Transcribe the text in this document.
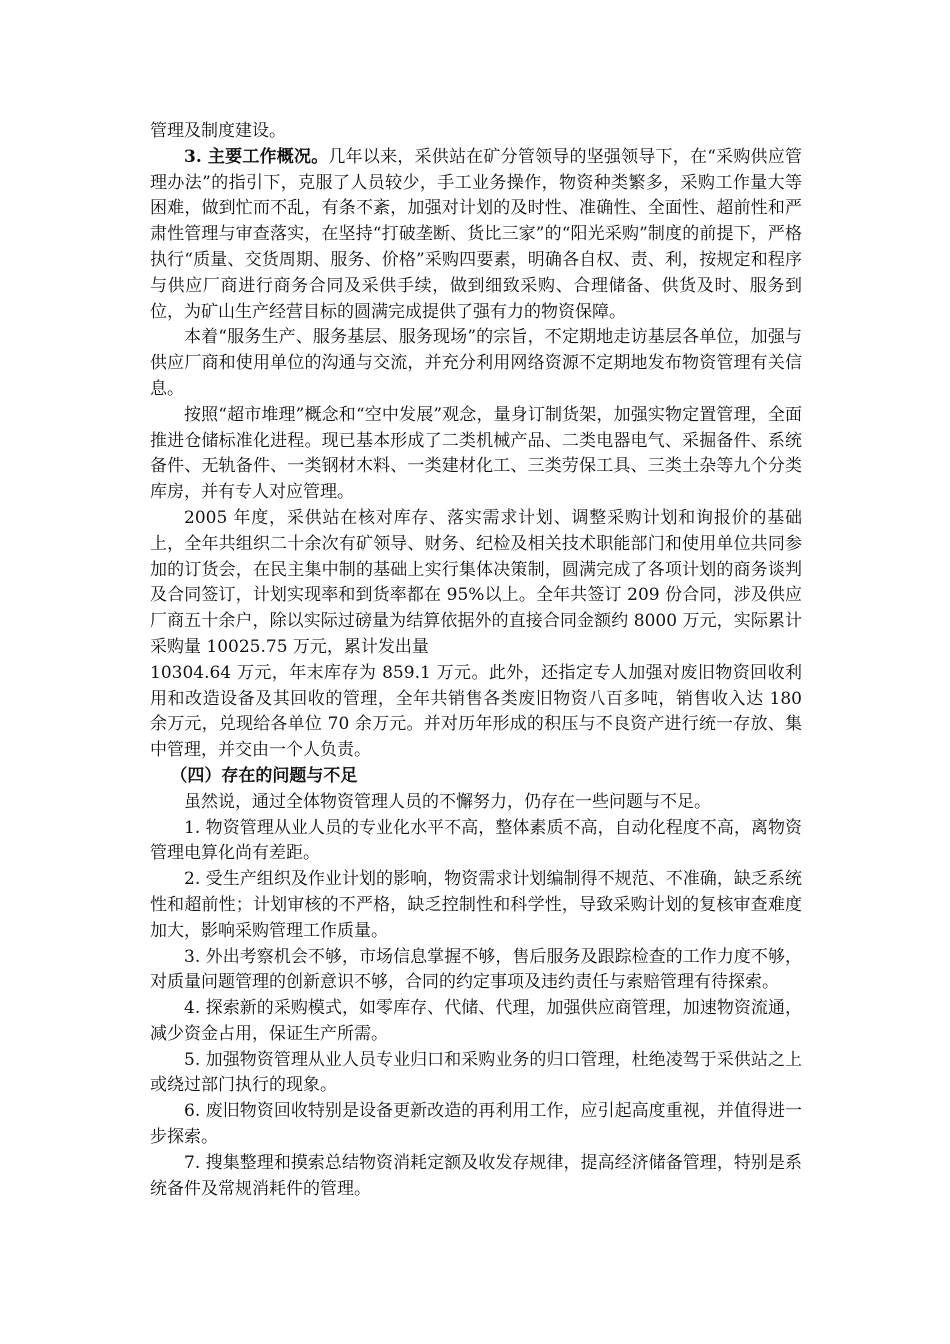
管理及制度建设。

3. 主要工作概况。几年以来，采供站在矿分管领导的坚强领导下，在“采购供应管理办法”的指引下，克服了人员较少，手工业务操作，物资种类繁多，采购工作量大等困难，做到忙而不乱，有条不紊，加强对计划的及时性、准确性、全面性、超前性和严肃性管理与审查落实，在坚持“打破垄断、货比三家”的“阳光采购”制度的前提下，严格执行“质量、交货周期、服务、价格”采购四要素，明确各自权、责、利，按规定和程序与供应厂商进行商务合同及采供手续，做到细致采购、合理储备、供货及时、服务到位，为矿山生产经营目标的圆满完成提供了强有力的物资保障。

本着“服务生产、服务基层、服务现场”的宗旨，不定期地走访基层各单位，加强与供应厂商和使用单位的沟通与交流，并充分利用网络资源不定期地发布物资管理有关信息。

按照“超市堆理”概念和“空中发展”观念，量身订制货架，加强实物定置管理，全面推进仓储标准化进程。现已基本形成了二类机械产品、二类电器电气、采掘备件、系统备件、无轨备件、一类钢材木料、一类建材化工、三类劳保工具、三类土杂等九个分类库房，并有专人对应管理。

2005 年度，采供站在核对库存、落实需求计划、调整采购计划和询报价的基础上，全年共组织二十余次有矿领导、财务、纪检及相关技术职能部门和使用单位共同参加的订货会，在民主集中制的基础上实行集体决策制，圆满完成了各项计划的商务谈判及合同签订，计划实现率和到货率都在 95%以上。全年共签订 209 份合同，涉及供应厂商五十余户，除以实际过磅量为结算依据外的直接合同金额约 8000 万元，实际累计采购量 10025.75 万元，累计发出量

10304.64 万元，年末库存为 859.1 万元。此外，还指定专人加强对废旧物资回收利用和改造设备及其回收的管理，全年共销售各类废旧物资八百多吨，销售收入达 180 余万元，兑现给各单位 70 余万元。并对历年形成的积压与不良资产进行统一存放、集中管理，并交由一个人负责。

（四）存在的问题与不足

虽然说，通过全体物资管理人员的不懈努力，仍存在一些问题与不足。

1. 物资管理从业人员的专业化水平不高，整体素质不高，自动化程度不高，离物资管理电算化尚有差距。

2. 受生产组织及作业计划的影响，物资需求计划编制得不规范、不准确，缺乏系统性和超前性；计划审核的不严格，缺乏控制性和科学性，导致采购计划的复核审查难度加大，影响采购管理工作质量。

3. 外出考察机会不够，市场信息掌握不够，售后服务及跟踪检查的工作力度不够，对质量问题管理的创新意识不够，合同的约定事项及违约责任与索赔管理有待探索。

4. 探索新的采购模式，如零库存、代储、代理，加强供应商管理，加速物资流通，减少资金占用，保证生产所需。

5. 加强物资管理从业人员专业归口和采购业务的归口管理，杜绝凌驾于采供站之上或绕过部门执行的现象。

6. 废旧物资回收特别是设备更新改造的再利用工作，应引起高度重视，并值得进一步探索。

7. 搜集整理和摸索总结物资消耗定额及收发存规律，提高经济储备管理，特别是系统备件及常规消耗件的管理。
